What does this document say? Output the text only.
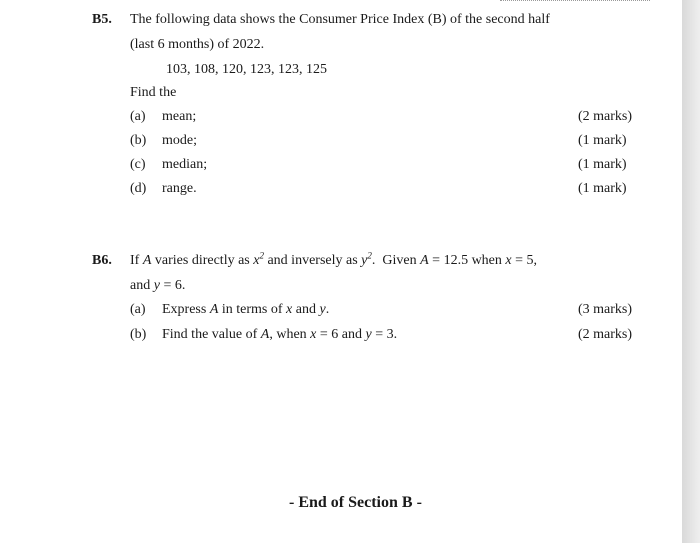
B5. The following data shows the Consumer Price Index (B) of the second half
(last 6 months) of 2022.
103, 108, 120, 123, 123, 125
Find the
(a) mean;	(2 marks)
(b) mode;	(1 mark)
(c) median;	(1 mark)
(d) range.	(1 mark)
B6. If A varies directly as $x^2$ and inversely as $y^2$. Given A = 12.5 when x = 5,
and y = 6.
(a) Express A in terms of x and y.	(3 marks)
(b) Find the value of A, when x = 6 and y = 3.	(2 marks)
- End of Section B -
